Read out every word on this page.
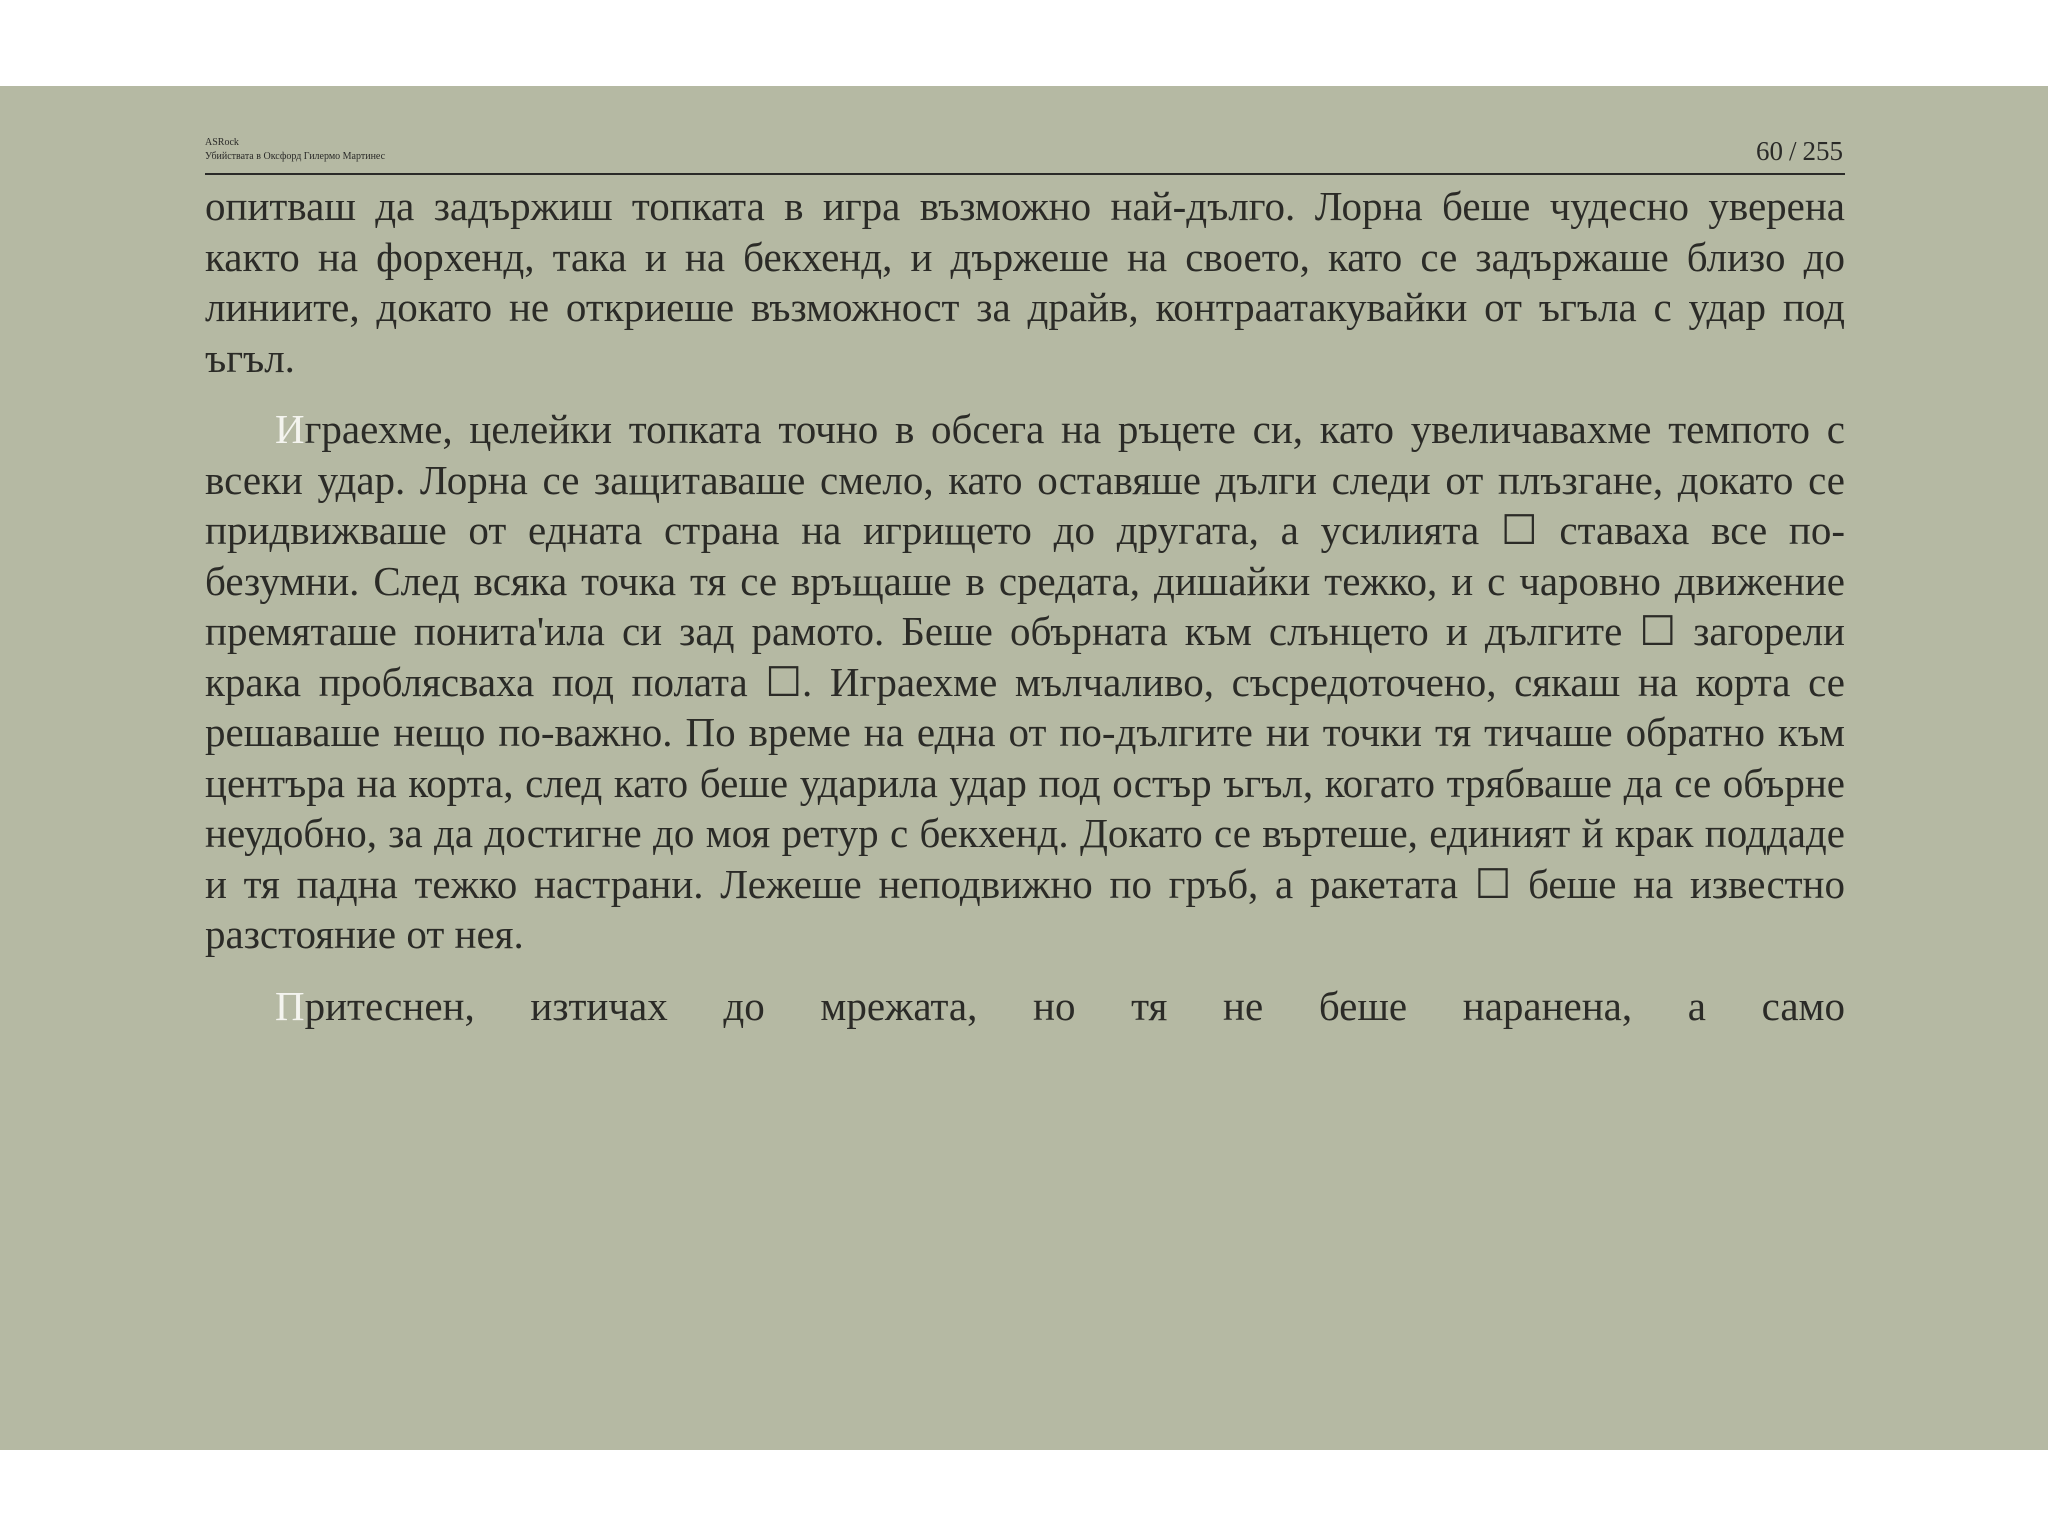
ASRock
Убийствата в Оксфорд Гилермо Мартинес	60 / 255

опитваш да задържиш топката в игра възможно най-дълго. Лорна беше чудесно уверена както на форхенд, така и на бекхенд, и държеше на своето, като се задържаше близо до линиите, докато не откриеше възможност за драйв, контраатакувайки от ъгъла с удар под ъгъл.

Играехме, целейки топката точно в обсега на ръцете си, като увеличавахме темпото с всеки удар. Лорна се защитаваше смело, като оставяше дълги следи от плъзгане, докато се придвижваше от едната страна на игрището до другата, а усилията ☐ ставаха все по-безумни. След всяка точка тя се връщаше в средата, дишайки тежко, и с чаровно движение премяташе понита'ила си зад рамото. Беше обърната към слънцето и дългите ☐ загорели крака проблясваха под полата ☐. Играехме мълчаливо, съсредоточено, сякаш на корта се решаваше нещо по-важно. По време на една от по-дългите ни точки тя тичаше обратно към центъра на корта, след като беше ударила удар под остър ъгъл, когато трябваше да се обърне неудобно, за да достигне до моя ретур с бекхенд. Докато се въртеше, единият й крак поддаде и тя падна тежко настрани. Лежеше неподвижно по гръб, а ракетата ☐ беше на известно разстояние от нея.

Притеснен, изтичах до мрежата, но тя не беше наранена, а само
